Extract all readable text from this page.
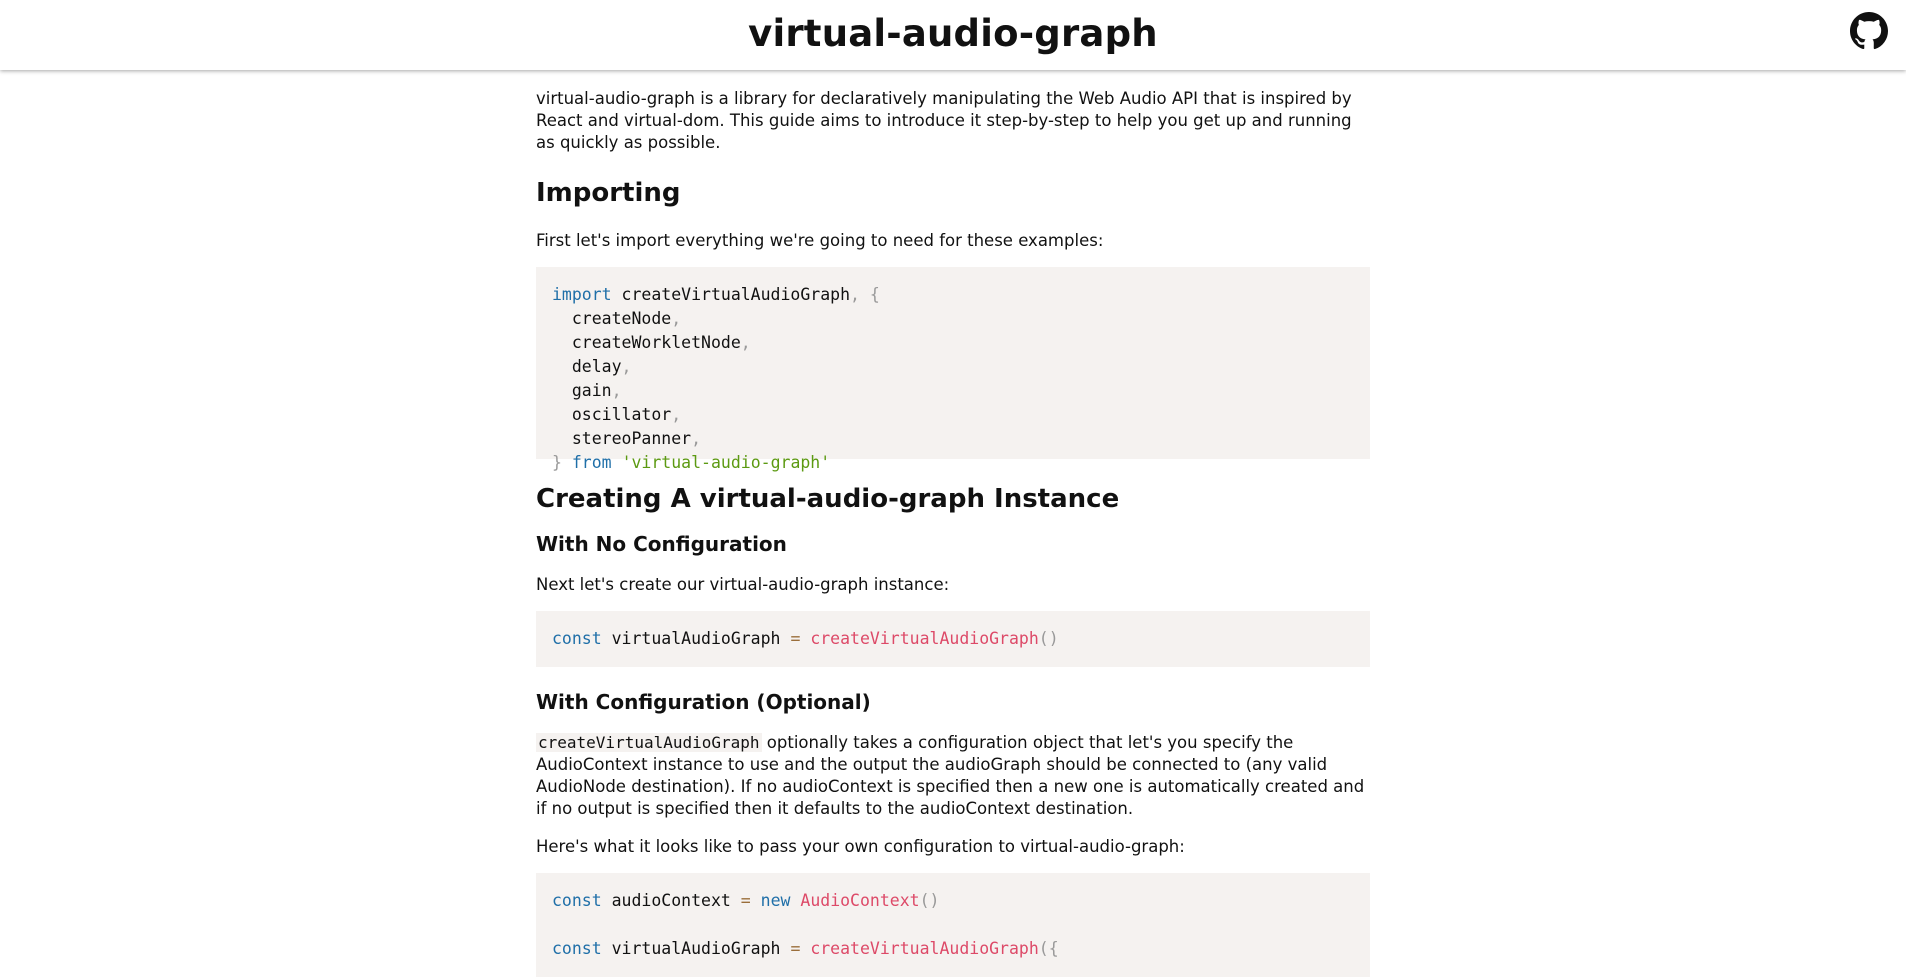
virtual-audio-graph

virtual-audio-graph is a library for declaratively manipulating the Web Audio API that is inspired by React and virtual-dom. This guide aims to introduce it step-by-step to help you get up and running as quickly as possible.

Importing

First let's import everything we're going to need for these examples:

import createVirtualAudioGraph, {
createNode,
createWorkletNode,
delay,
gain,
oscillator,
stereoPanner,
} from 'virtual-audio-graph'
Creating A virtual-audio-graph Instance
With No Configuration

Next let's create our virtual-audio-graph instance:

const virtualAudioGraph = createVirtualAudioGraph()
With Configuration (Optional)

createVirtualAudioGraph optionally takes a configuration object that let's you specify the AudioContext instance to use and the output the audioGraph should be connected to (any valid AudioNode destination). If no audioContext is specified then a new one is automatically created and if no output is specified then it defaults to the audioContext destination.

Here's what it looks like to pass your own configuration to virtual-audio-graph:

const audioContext = new AudioContext()

const virtualAudioGraph = createVirtualAudioGraph({
